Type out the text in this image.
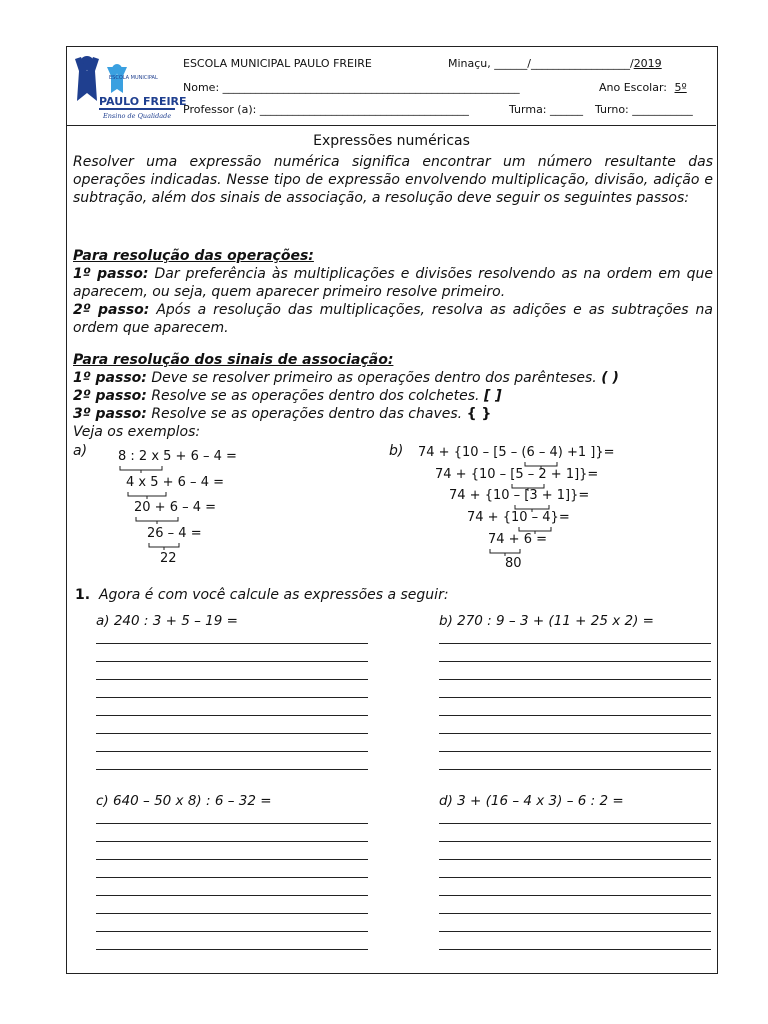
ESCOLA MUNICIPAL
PAULO FREIRE
Ensino de Qualidade
ESCOLA MUNICIPAL PAULO FREIRE	Minaçu, ______/__________________/2019
Nome: ______________________________________________________	Ano Escolar: 5º
Professor (a): ______________________________________	Turma: ______ Turno: ___________
Expressões numéricas
Resolver uma expressão numérica significa encontrar um número resultante das operações indicadas. Nesse tipo de expressão envolvendo multiplicação, divisão, adição e subtração, além dos sinais de associação, a resolução deve seguir os seguintes passos:
Para resolução das operações:
1º passo: Dar preferência às multiplicações e divisões resolvendo as na ordem em que aparecem, ou seja, quem aparecer primeiro resolve primeiro.
2º passo: Após a resolução das multiplicações, resolva as adições e as subtrações na ordem que aparecem.
Para resolução dos sinais de associação:
1º passo: Deve se resolver primeiro as operações dentro dos parênteses. ( )
2º passo: Resolve se as operações dentro dos colchetes. [ ]
3º passo: Resolve se as operações dentro das chaves. { }
Veja os exemplos:
a) 8 : 2 x 5 + 6 – 4 =
4 x 5 + 6 – 4 =
20 + 6 – 4 =
26 – 4 =
22
b) 74 + {10 – [5 – (6 – 4) +1 ]}=
74 + {10 – [5 – 2 + 1]}=
74 + {10 – [3 + 1]}=
74 + {10 – 4}=
74 + 6 =
80
1. Agora é com você calcule as expressões a seguir:
a) 240 : 3 + 5 – 19 =	b) 270 : 9 – 3 + (11 + 25 x 2) =
c) 640 – 50 x 8) : 6 – 32 =	d) 3 + (16 – 4 x 3) – 6 : 2 =
